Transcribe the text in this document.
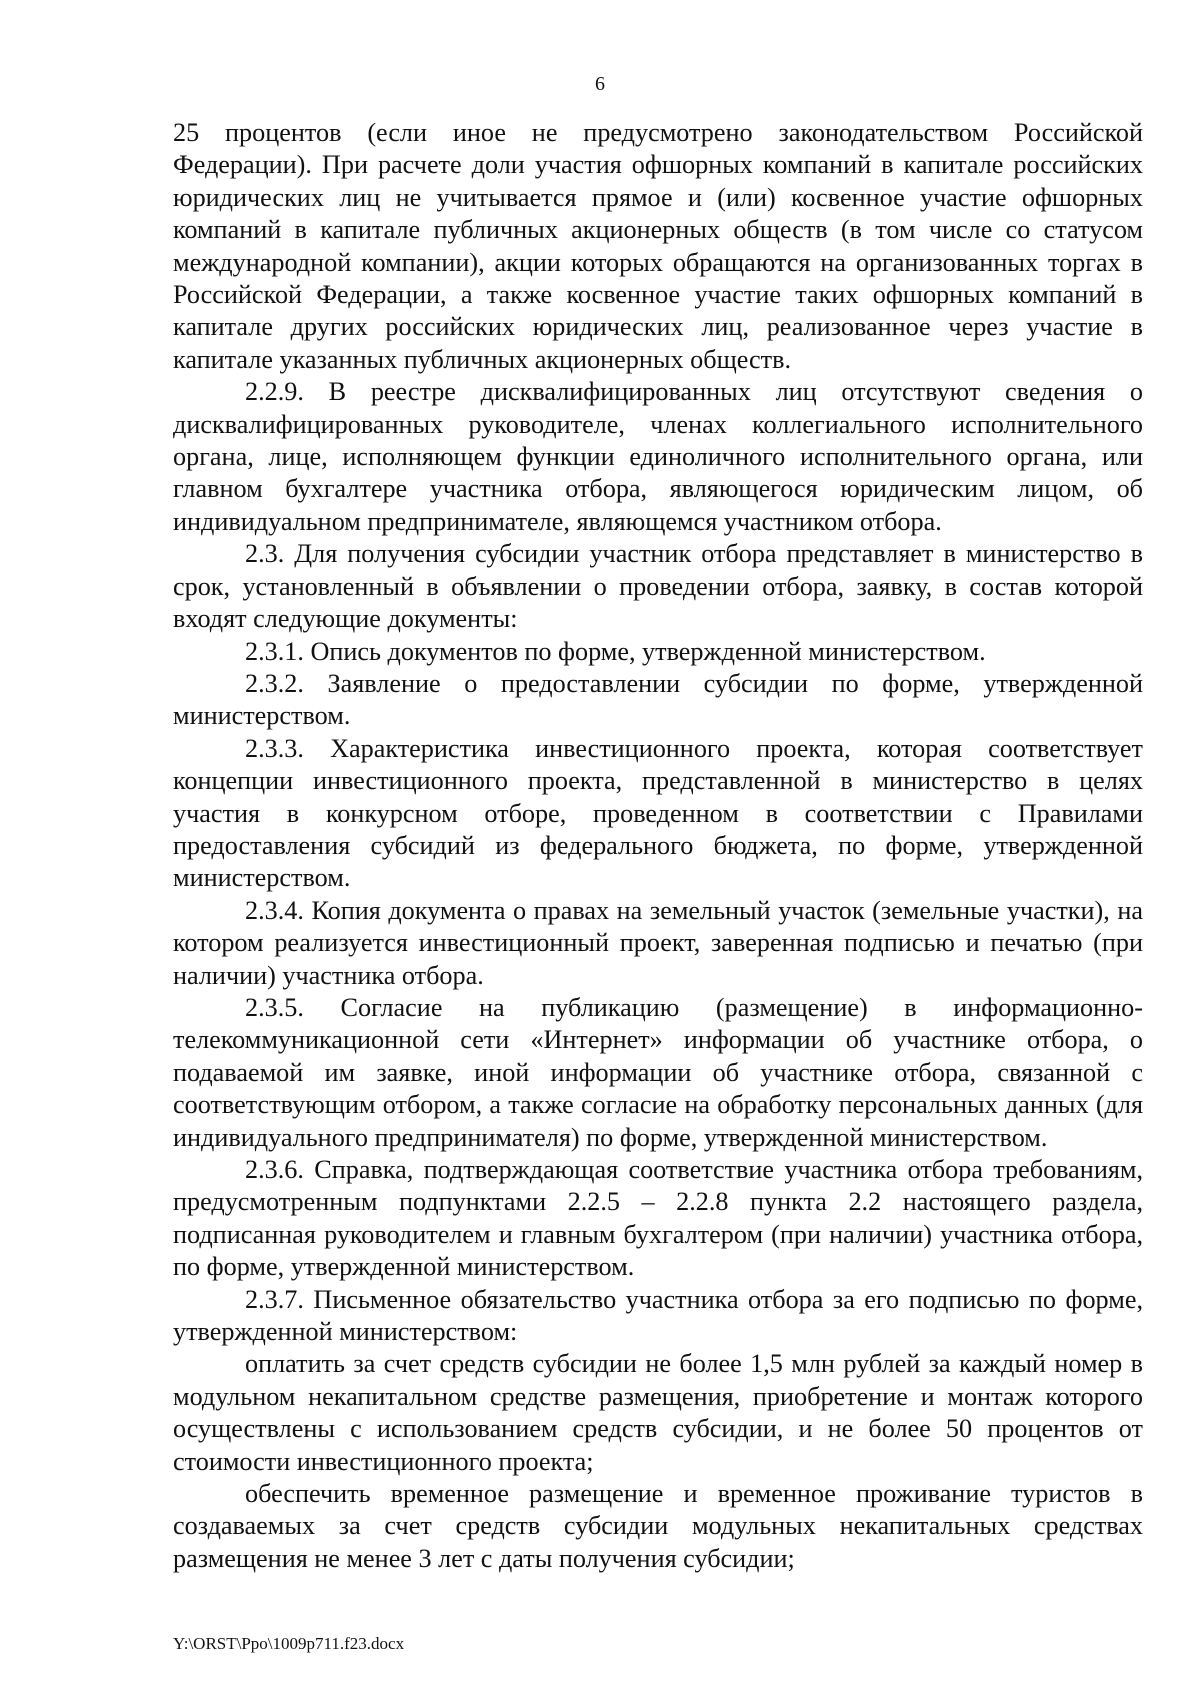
6

25 процентов (если иное не предусмотрено законодательством Российской Федерации). При расчете доли участия офшорных компаний в капитале российских юридических лиц не учитывается прямое и (или) косвенное участие офшорных компаний в капитале публичных акционерных обществ (в том числе со статусом международной компании), акции которых обращаются на организованных торгах в Российской Федерации, а также косвенное участие таких офшорных компаний в капитале других российских юридических лиц, реализованное через участие в капитале указанных публичных акционерных обществ.

2.2.9. В реестре дисквалифицированных лиц отсутствуют сведения о дисквалифицированных руководителе, членах коллегиального исполнительного органа, лице, исполняющем функции единоличного исполнительного органа, или главном бухгалтере участника отбора, являющегося юридическим лицом, об индивидуальном предпринимателе, являющемся участником отбора.

2.3. Для получения субсидии участник отбора представляет в министерство в срок, установленный в объявлении о проведении отбора, заявку, в состав которой входят следующие документы:

2.3.1. Опись документов по форме, утвержденной министерством.

2.3.2. Заявление о предоставлении субсидии по форме, утвержденной министерством.

2.3.3. Характеристика инвестиционного проекта, которая соответствует концепции инвестиционного проекта, представленной в министерство в целях участия в конкурсном отборе, проведенном в соответствии с Правилами предоставления субсидий из федерального бюджета, по форме, утвержденной министерством.

2.3.4. Копия документа о правах на земельный участок (земельные участки), на котором реализуется инвестиционный проект, заверенная подписью и печатью (при наличии) участника отбора.

2.3.5. Согласие на публикацию (размещение) в информационно-телекоммуникационной сети «Интернет» информации об участнике отбора, о подаваемой им заявке, иной информации об участнике отбора, связанной с соответствующим отбором, а также согласие на обработку персональных данных (для индивидуального предпринимателя) по форме, утвержденной министерством.

2.3.6. Справка, подтверждающая соответствие участника отбора требованиям, предусмотренным подпунктами 2.2.5 – 2.2.8 пункта 2.2 настоящего раздела, подписанная руководителем и главным бухгалтером (при наличии) участника отбора, по форме, утвержденной министерством.

2.3.7. Письменное обязательство участника отбора за его подписью по форме, утвержденной министерством:

оплатить за счет средств субсидии не более 1,5 млн рублей за каждый номер в модульном некапитальном средстве размещения, приобретение и монтаж которого осуществлены с использованием средств субсидии, и не более 50 процентов от стоимости инвестиционного проекта;

обеспечить временное размещение и временное проживание туристов в создаваемых за счет средств субсидии модульных некапитальных средствах размещения не менее 3 лет с даты получения субсидии;

Y:\ORST\Ppo\1009p711.f23.docx
